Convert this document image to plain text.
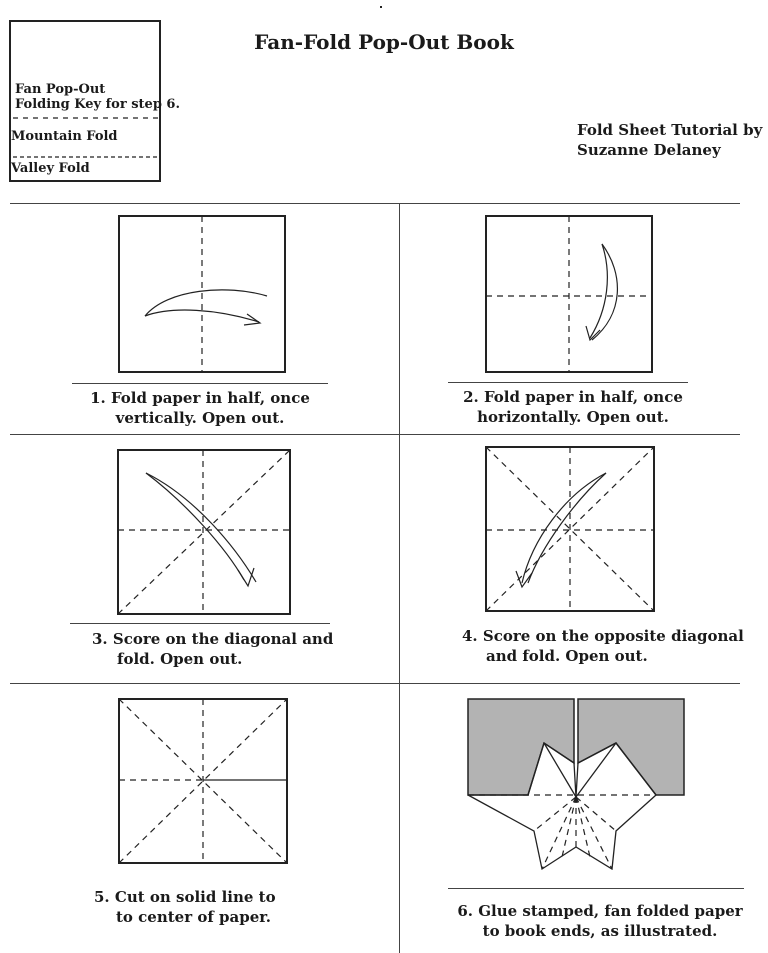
Fan-Fold Pop-Out Book
Fan Pop-Out
Folding Key for step 6.
Mountain Fold
Valley Fold
Fold Sheet Tutorial by
Suzanne Delaney
1. Fold paper in half, once
vertically. Open out.
2. Fold paper in half, once
horizontally. Open out.
3. Score on the diagonal and
fold. Open out.
4. Score on the opposite diagonal
and fold. Open out.
5. Cut on solid line to
to center of paper.	6. Glue stamped, fan folded paper
to book ends, as illustrated.
